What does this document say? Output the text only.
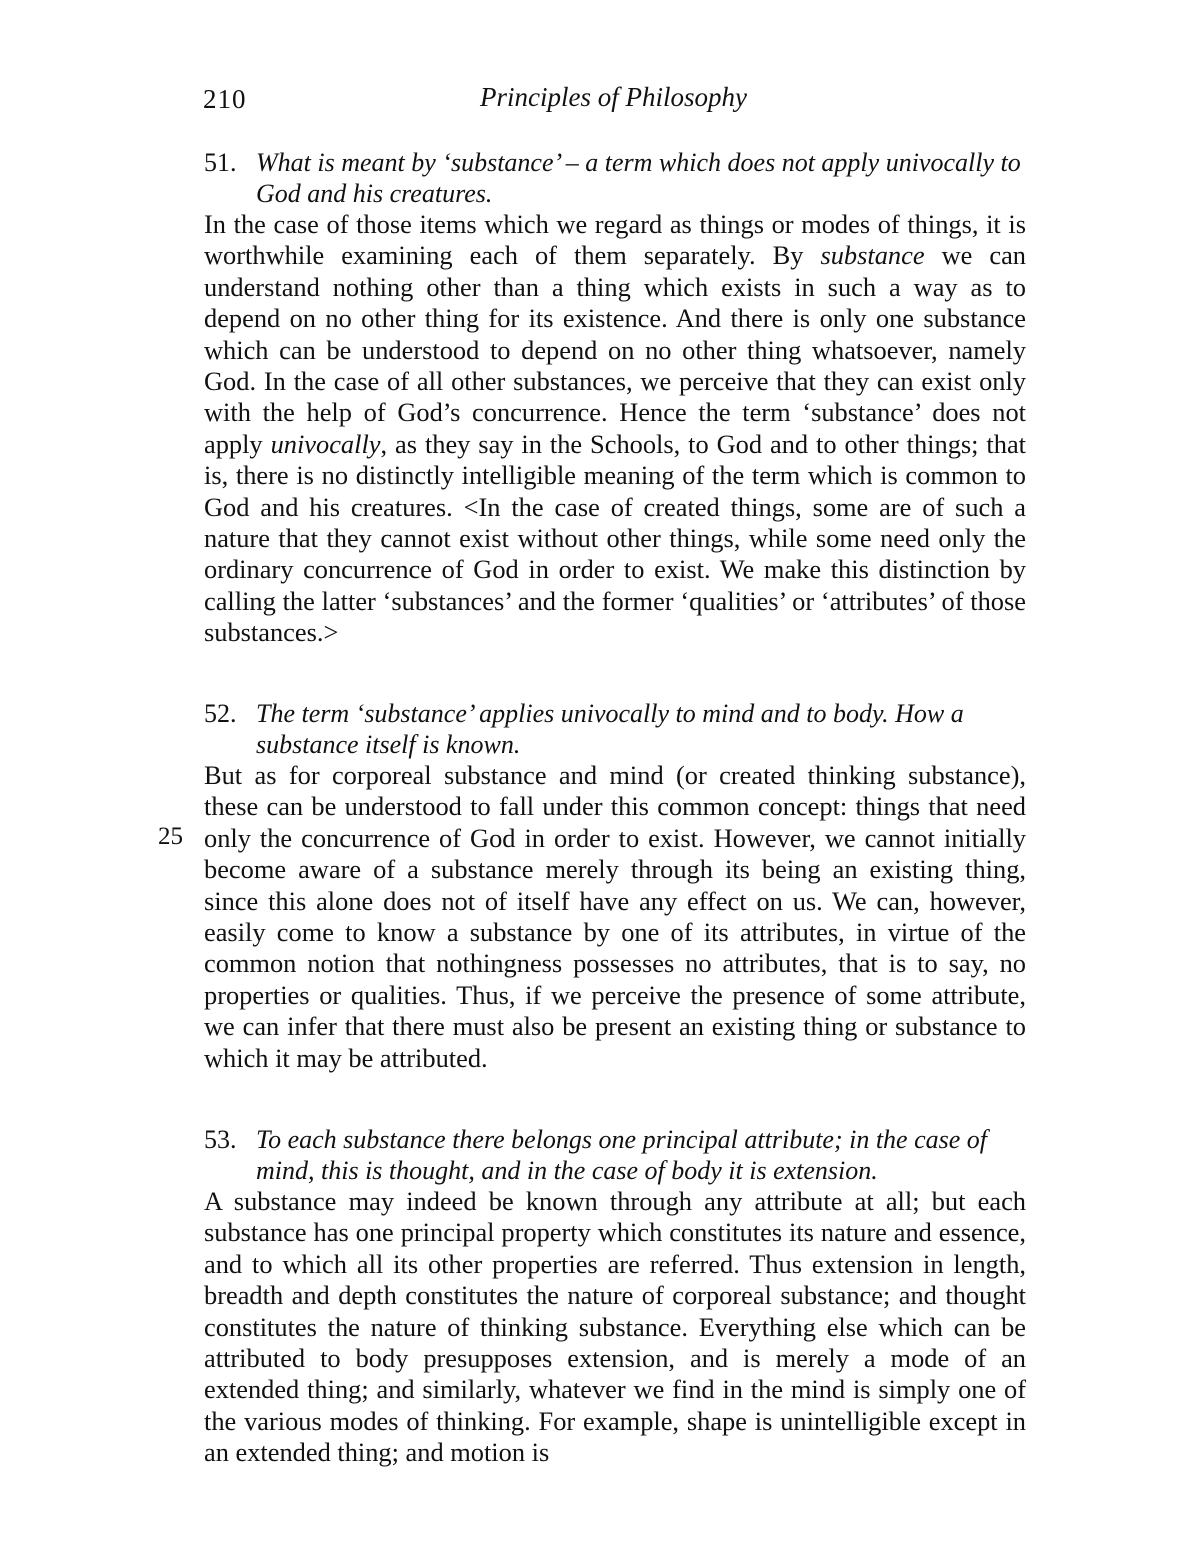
210	Principles of Philosophy
25

51. What is meant by ‘substance’ – a term which does not apply univocally to God and his creatures.

In the case of those items which we regard as things or modes of things, it is worthwhile examining each of them separately. By substance we can understand nothing other than a thing which exists in such a way as to depend on no other thing for its existence. And there is only one substance which can be understood to depend on no other thing whatsoever, namely God. In the case of all other substances, we perceive that they can exist only with the help of God’s concurrence. Hence the term ‘substance’ does not apply univocally, as they say in the Schools, to God and to other things; that is, there is no distinctly intelligible meaning of the term which is common to God and his creatures. <In the case of created things, some are of such a nature that they cannot exist without other things, while some need only the ordinary concurrence of God in order to exist. We make this distinction by calling the latter ‘substances’ and the former ‘qualities’ or ‘attributes’ of those substances.>

52. The term ‘substance’ applies univocally to mind and to body. How a substance itself is known.

But as for corporeal substance and mind (or created thinking substance), these can be understood to fall under this common concept: things that need only the concurrence of God in order to exist. However, we cannot initially become aware of a substance merely through its being an existing thing, since this alone does not of itself have any effect on us. We can, however, easily come to know a substance by one of its attributes, in virtue of the common notion that nothingness possesses no attributes, that is to say, no properties or qualities. Thus, if we perceive the presence of some attribute, we can infer that there must also be present an existing thing or substance to which it may be attributed.

53. To each substance there belongs one principal attribute; in the case of mind, this is thought, and in the case of body it is extension.

A substance may indeed be known through any attribute at all; but each substance has one principal property which constitutes its nature and essence, and to which all its other properties are referred. Thus extension in length, breadth and depth constitutes the nature of corporeal substance; and thought constitutes the nature of thinking substance. Everything else which can be attributed to body presupposes extension, and is merely a mode of an extended thing; and similarly, whatever we find in the mind is simply one of the various modes of thinking. For example, shape is unintelligible except in an extended thing; and motion is
